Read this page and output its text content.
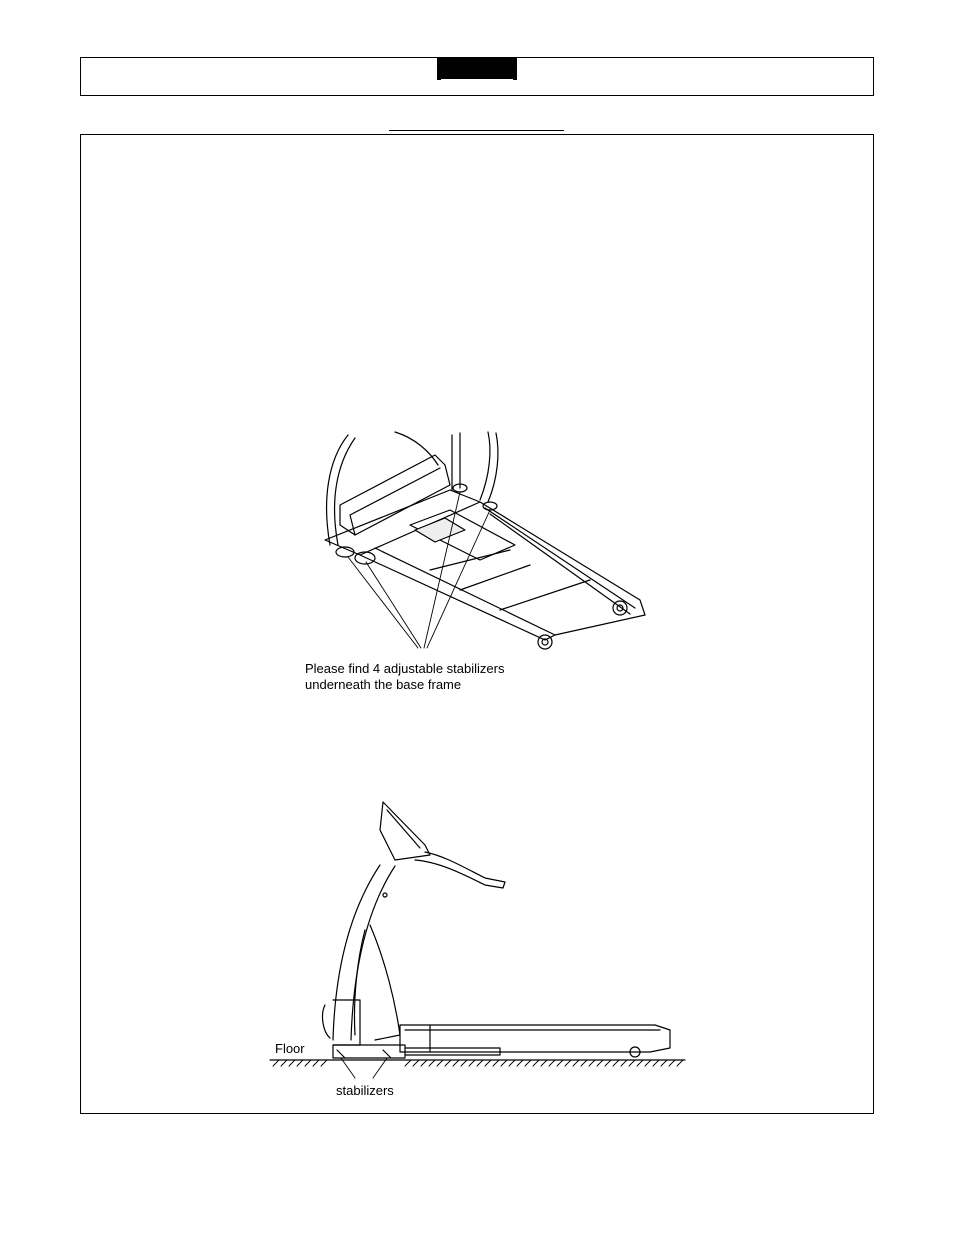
Please find 4 adjustable stabilizers
underneath the base frame
Floor
stabilizers
